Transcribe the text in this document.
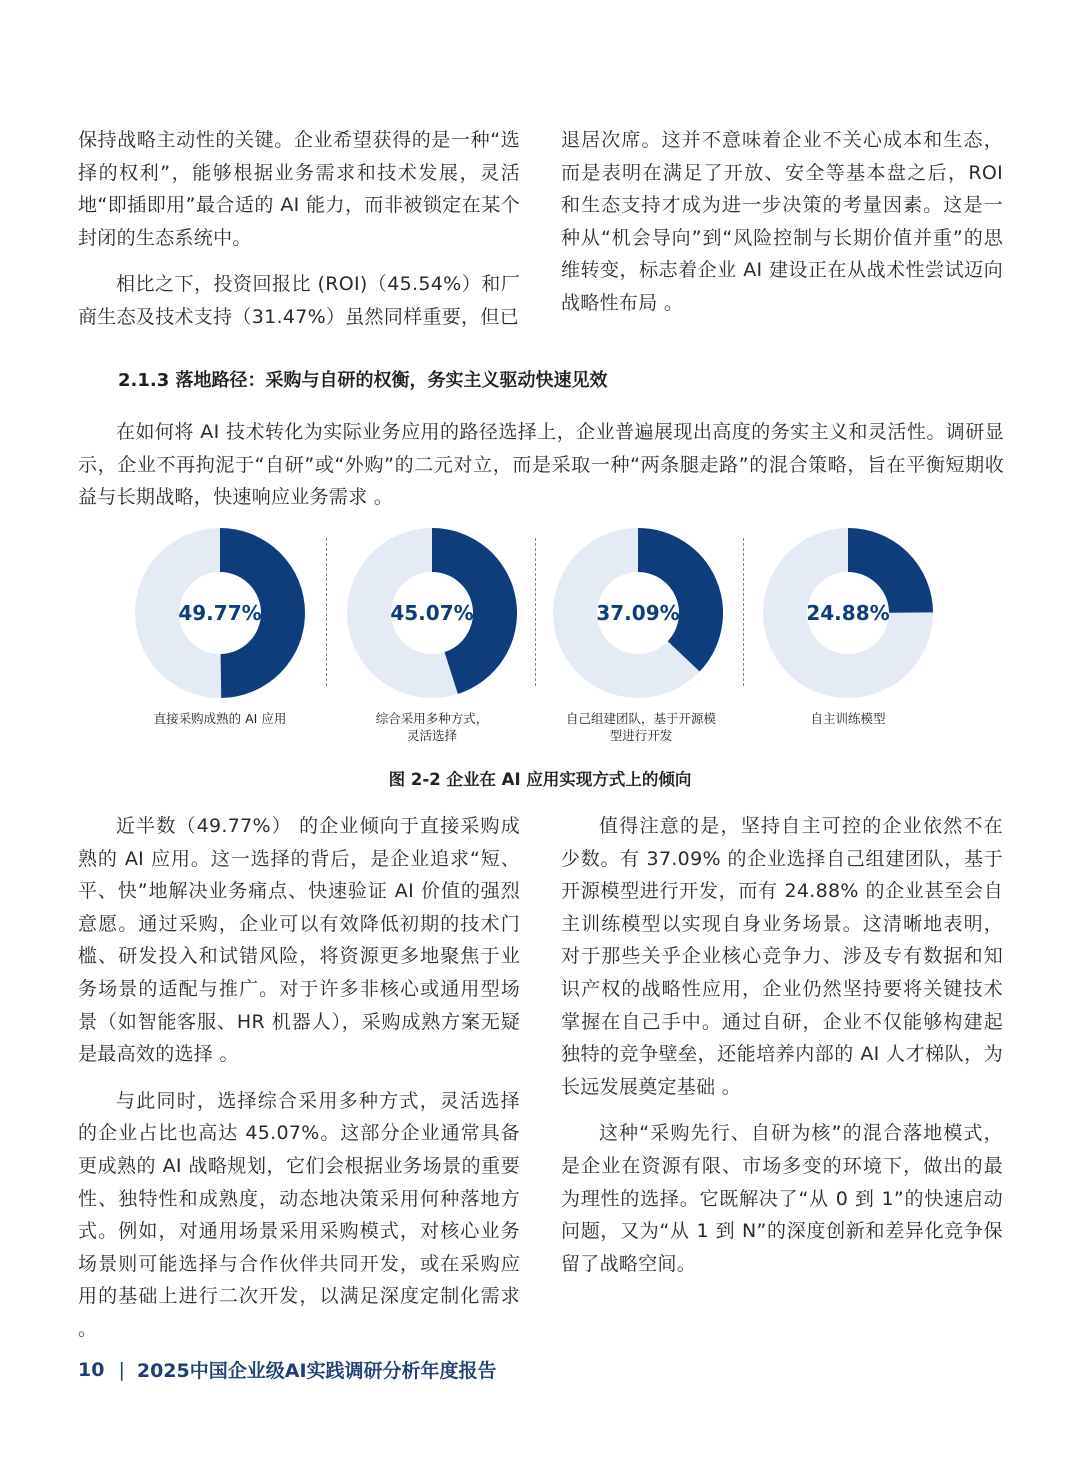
保持战略主动性的关键。企业希望获得的是一种“选择的权利”，能够根据业务需求和技术发展，灵活地“即插即用”最合适的 AI 能力，而非被锁定在某个封闭的生态系统中。

相比之下，投资回报比 (ROI)（45.54%）和厂商生态及技术支持（31.47%）虽然同样重要，但已

退居次席。这并不意味着企业不关心成本和生态，而是表明在满足了开放、安全等基本盘之后，ROI 和生态支持才成为进一步决策的考量因素。这是一种从“机会导向”到“风险控制与长期价值并重”的思维转变，标志着企业 AI 建设正在从战术性尝试迈向战略性布局 。

2.1.3 落地路径：采购与自研的权衡，务实主义驱动快速见效
在如何将 AI 技术转化为实际业务应用的路径选择上，企业普遍展现出高度的务实主义和灵活性。调研显示，企业不再拘泥于“自研”或“外购”的二元对立，而是采取一种“两条腿走路”的混合策略，旨在平衡短期收益与长期战略，快速响应业务需求 。
49.77%	45.07%	37.09%	24.88%
直接采购成熟的 AI 应用	综合采用多种方式，
灵活选择
自己组建团队，基于开源模
型进行开发
自主训练模型
图 2-2 企业在 AI 应用实现方式上的倾向

近半数（49.77%） 的企业倾向于直接采购成熟的 AI 应用。这一选择的背后，是企业追求“短、平、快”地解决业务痛点、快速验证 AI 价值的强烈意愿。通过采购，企业可以有效降低初期的技术门槛、研发投入和试错风险，将资源更多地聚焦于业务场景的适配与推广。对于许多非核心或通用型场景（如智能客服、HR 机器人），采购成熟方案无疑是最高效的选择 。

与此同时，选择综合采用多种方式，灵活选择的企业占比也高达 45.07%。这部分企业通常具备更成熟的 AI 战略规划，它们会根据业务场景的重要性、独特性和成熟度，动态地决策采用何种落地方式。例如，对通用场景采用采购模式，对核心业务场景则可能选择与合作伙伴共同开发，或在采购应用的基础上进行二次开发，以满足深度定制化需求 。

值得注意的是，坚持自主可控的企业依然不在少数。有 37.09% 的企业选择自己组建团队，基于开源模型进行开发，而有 24.88% 的企业甚至会自主训练模型以实现自身业务场景。这清晰地表明，对于那些关乎企业核心竞争力、涉及专有数据和知识产权的战略性应用，企业仍然坚持要将关键技术掌握在自己手中。通过自研，企业不仅能够构建起独特的竞争壁垒，还能培养内部的 AI 人才梯队，为长远发展奠定基础 。

这种“采购先行、自研为核”的混合落地模式，是企业在资源有限、市场多变的环境下，做出的最为理性的选择。它既解决了“从 0 到 1”的快速启动问题，又为“从 1 到 N”的深度创新和差异化竞争保留了战略空间。

10 | 2025中国企业级AI实践调研分析年度报告
